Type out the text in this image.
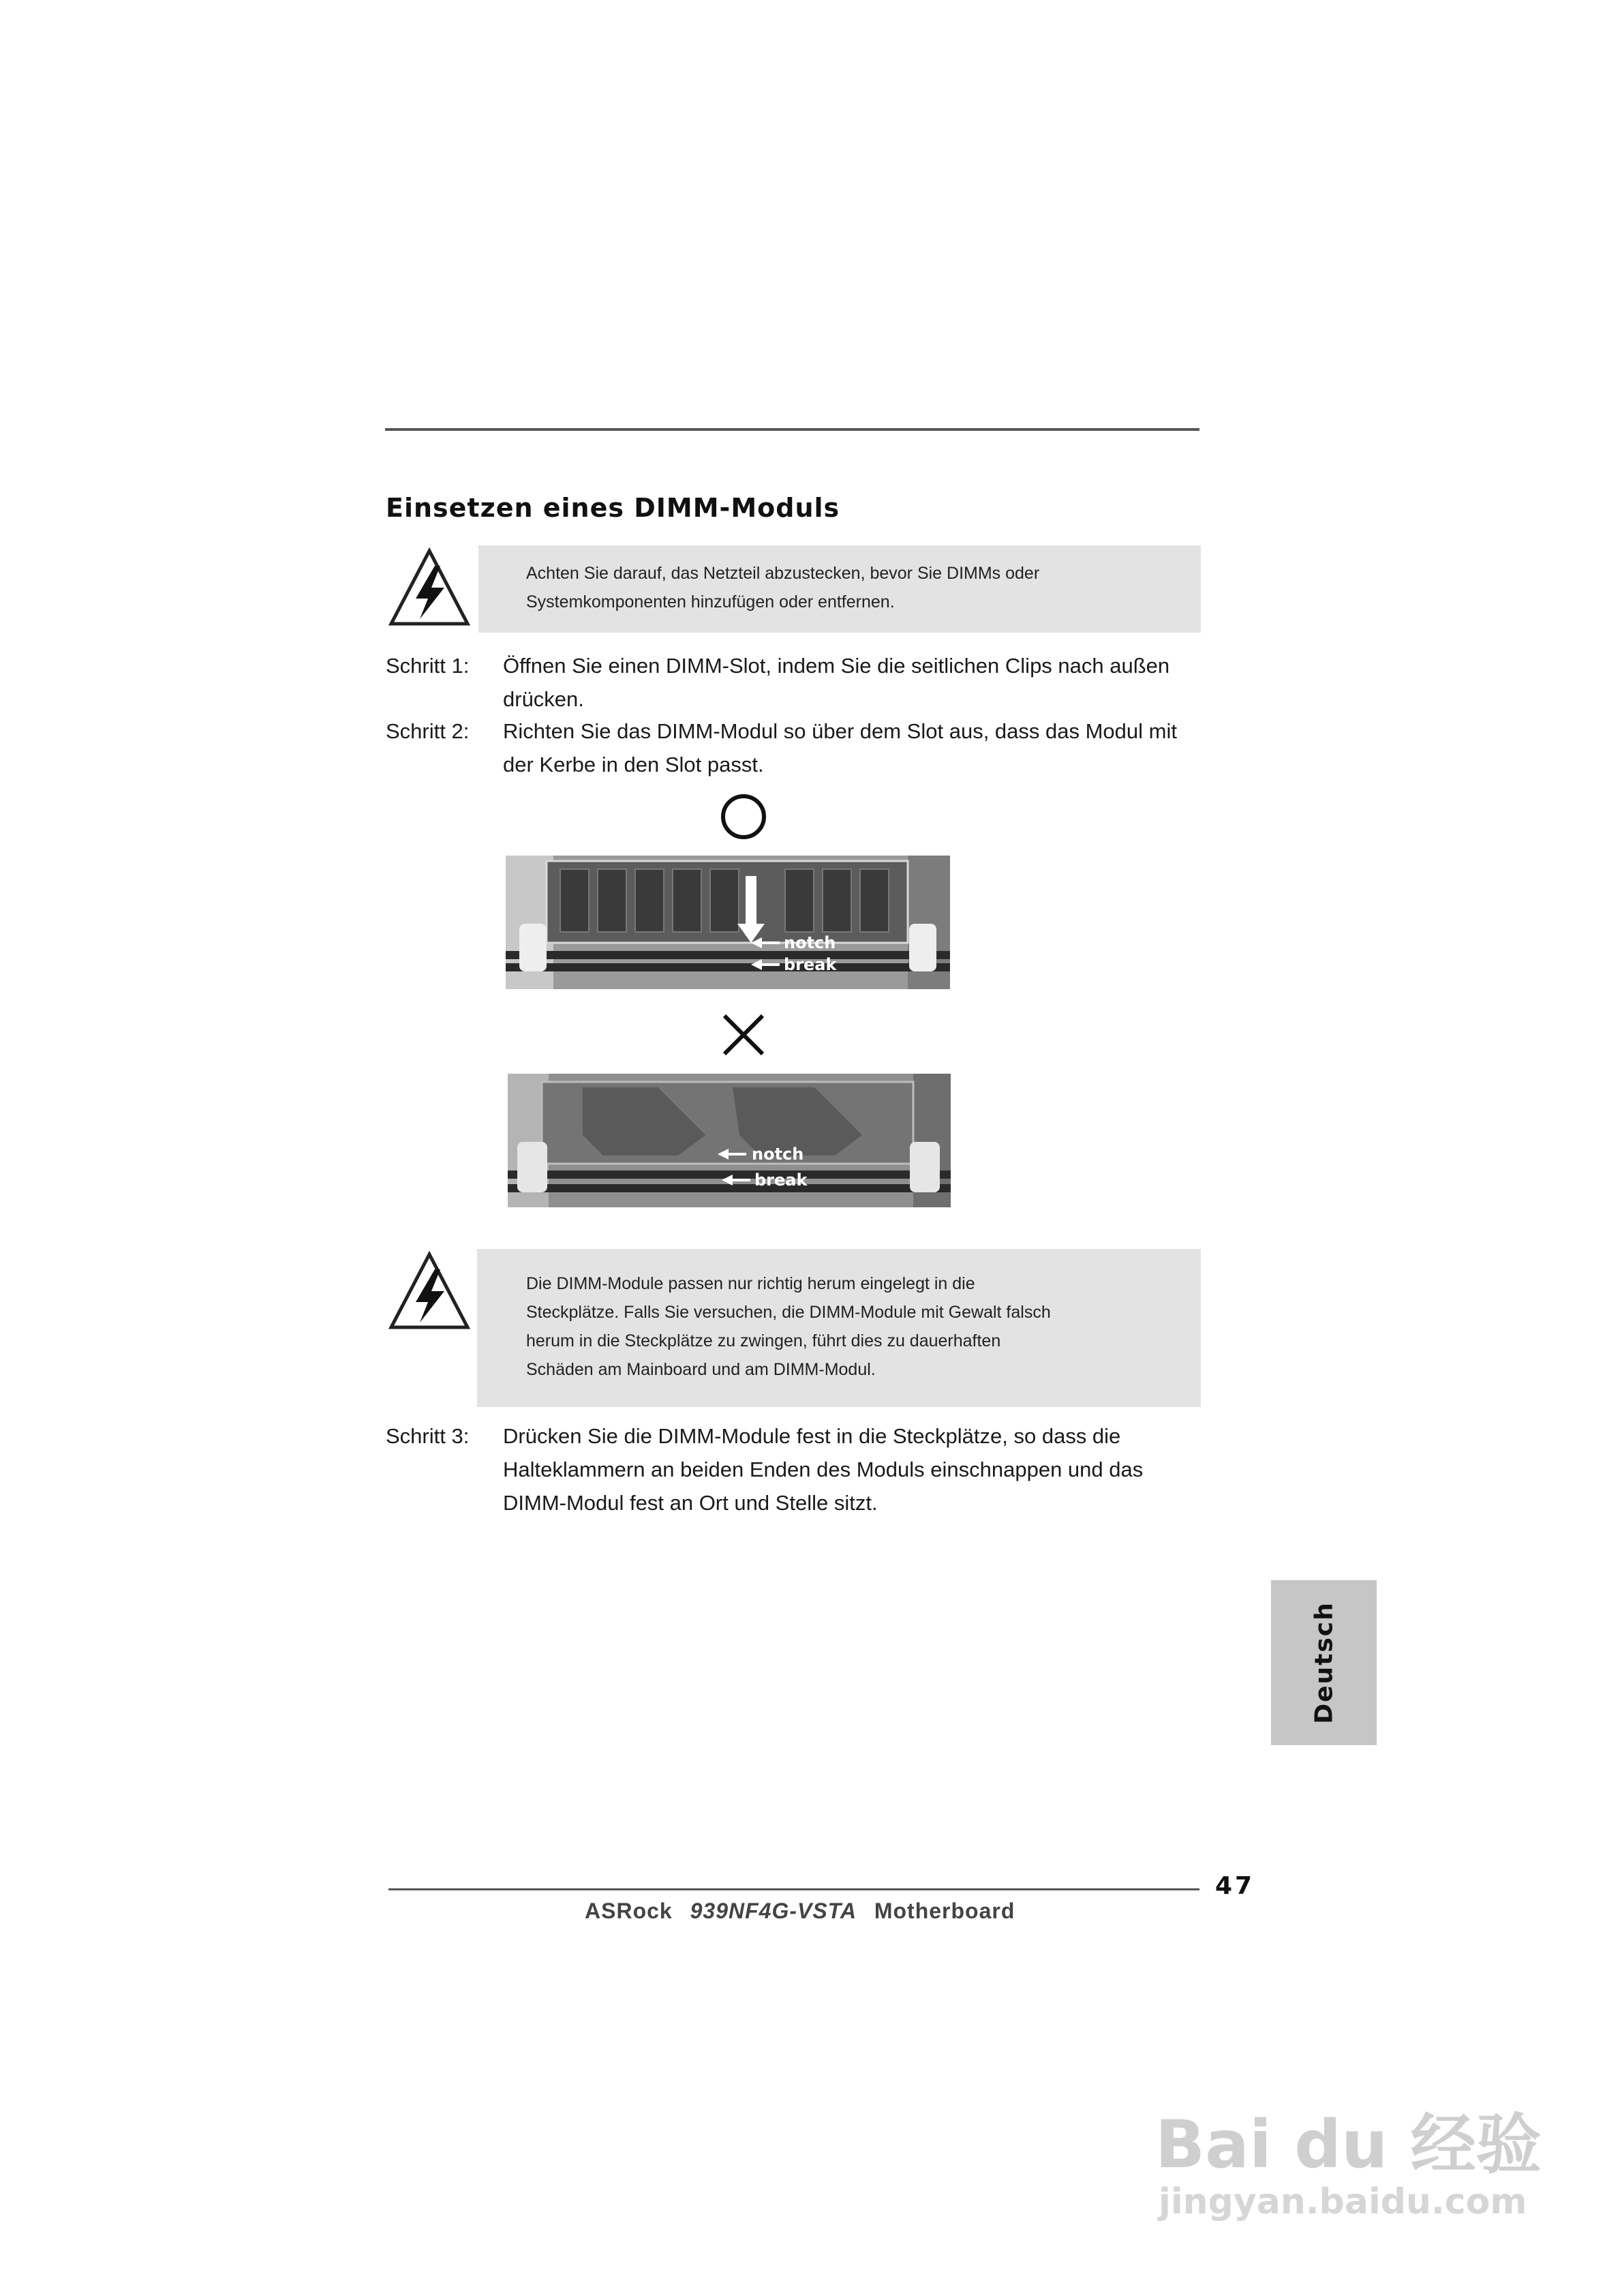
Einsetzen eines DIMM-Moduls
Achten Sie darauf, das Netzteil abzustecken, bevor Sie DIMMs oder
Systemkomponenten hinzufügen oder entfernen.
Schritt 1: Öffnen Sie einen DIMM-Slot, indem Sie die seitlichen Clips nach außen
drücken.
Schritt 2: Richten Sie das DIMM-Modul so über dem Slot aus, dass das Modul mit
der Kerbe in den Slot passt.
notch
break
notch
break
Die DIMM-Module passen nur richtig herum eingelegt in die
Steckplätze. Falls Sie versuchen, die DIMM-Module mit Gewalt falsch
herum in die Steckplätze zu zwingen, führt dies zu dauerhaften
Schäden am Mainboard und am DIMM-Modul.
Schritt 3: Drücken Sie die DIMM-Module fest in die Steckplätze, so dass die
Halteklammern an beiden Enden des Moduls einschnappen und das
DIMM-Modul fest an Ort und Stelle sitzt.
Deutsch
47
ASRock 939NF4G-VSTA Motherboard
Bai du 经验
jingyan.baidu.com
